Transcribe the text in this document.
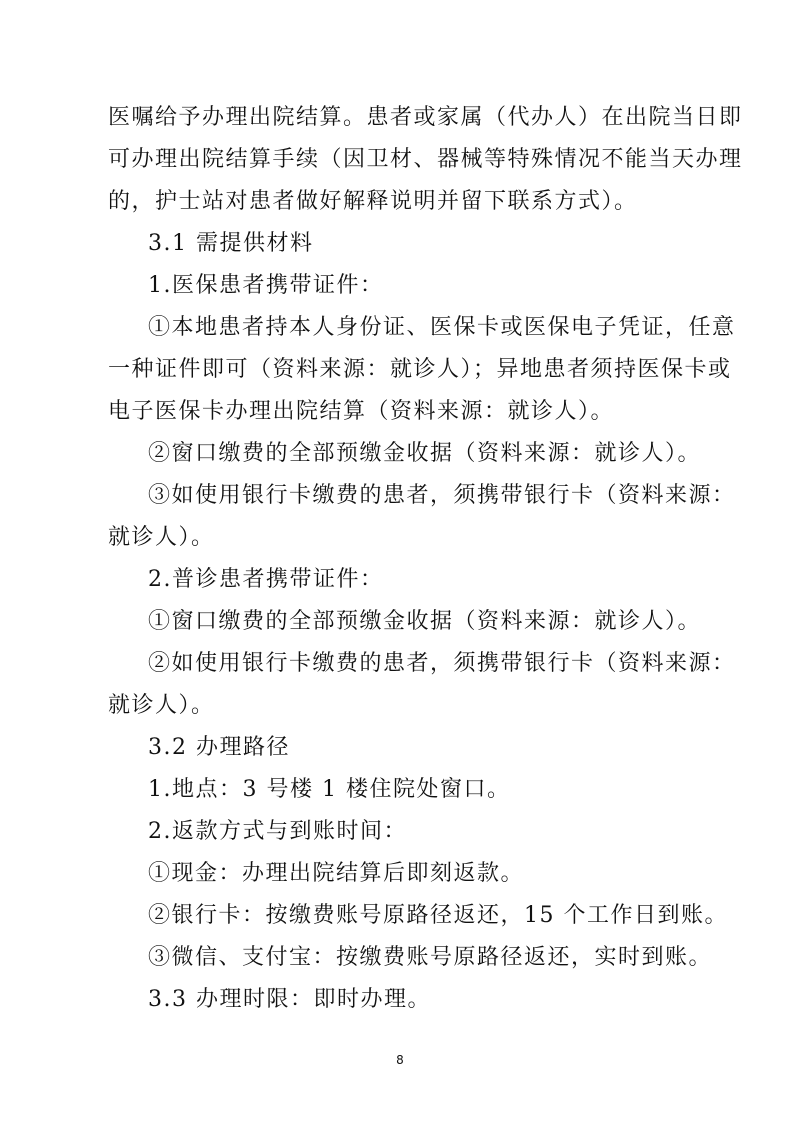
医嘱给予办理出院结算。患者或家属（代办人）在出院当日即
可办理出院结算手续（因卫材、器械等特殊情况不能当天办理
的，护士站对患者做好解释说明并留下联系方式）。
3.1 需提供材料
1.医保患者携带证件：
①本地患者持本人身份证、医保卡或医保电子凭证，任意
一种证件即可（资料来源：就诊人）；异地患者须持医保卡或
电子医保卡办理出院结算（资料来源：就诊人）。
②窗口缴费的全部预缴金收据（资料来源：就诊人）。
③如使用银行卡缴费的患者，须携带银行卡（资料来源：
就诊人）。
2.普诊患者携带证件：
①窗口缴费的全部预缴金收据（资料来源：就诊人）。
②如使用银行卡缴费的患者，须携带银行卡（资料来源：
就诊人）。
3.2 办理路径
1.地点：3 号楼 1 楼住院处窗口。
2.返款方式与到账时间：
①现金：办理出院结算后即刻返款。
②银行卡：按缴费账号原路径返还，15 个工作日到账。
③微信、支付宝：按缴费账号原路径返还，实时到账。
3.3 办理时限：即时办理。
8
